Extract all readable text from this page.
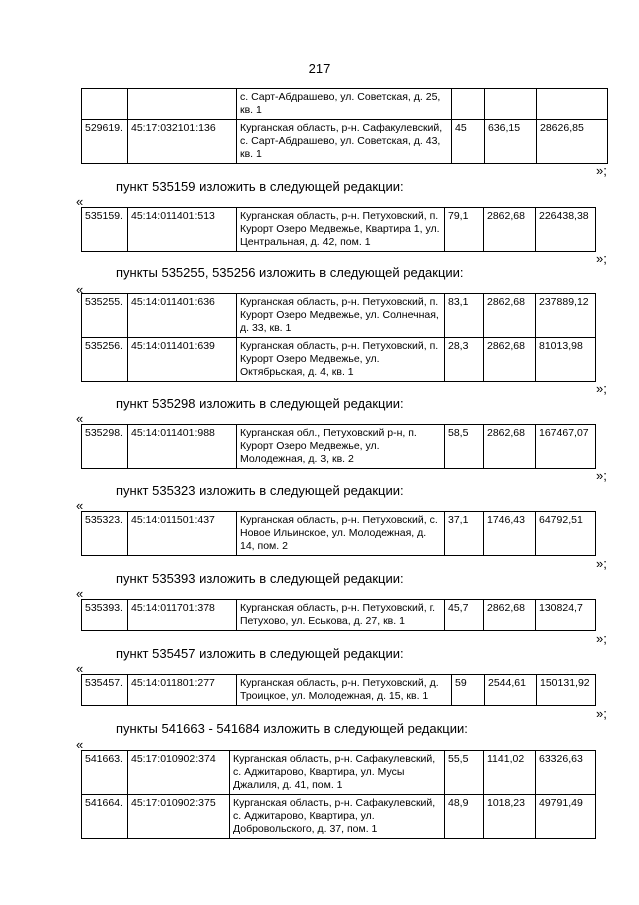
217
		с. Сарт-Абдрашево, ул. Советская, д. 25, кв. 1			
529619.	45:17:032101:136	Курганская область, р-н. Сафакулевский, с. Сарт-Абдрашево, ул. Советская, д. 43, кв. 1	45	636,15	28626,85
»;
пункт 535159 изложить в следующей редакции:
«
535159.	45:14:011401:513	Курганская область, р-н. Петуховский, п. Курорт Озеро Медвежье, Квартира 1, ул. Центральная, д. 42, пом. 1	79,1	2862,68	226438,38
»;
пункты 535255, 535256 изложить в следующей редакции:
«
535255.	45:14:011401:636	Курганская область, р-н. Петуховский, п. Курорт Озеро Медвежье, ул. Солнечная, д. 33, кв. 1	83,1	2862,68	237889,12
535256.	45:14:011401:639	Курганская область, р-н. Петуховский, п. Курорт Озеро Медвежье, ул. Октябрьская, д. 4, кв. 1	28,3	2862,68	81013,98
»;
пункт 535298 изложить в следующей редакции:
«
535298.	45:14:011401:988	Курганская обл., Петуховский р-н, п. Курорт Озеро Медвежье, ул. Молодежная, д. 3, кв. 2	58,5	2862,68	167467,07
»;
пункт 535323 изложить в следующей редакции:
«
535323.	45:14:011501:437	Курганская область, р-н. Петуховский, с. Новое Ильинское, ул. Молодежная, д. 14, пом. 2	37,1	1746,43	64792,51
»;
пункт 535393 изложить в следующей редакции:
«
535393.	45:14:011701:378	Курганская область, р-н. Петуховский, г. Петухово, ул. Еськова, д. 27, кв. 1	45,7	2862,68	130824,7
»;
пункт 535457 изложить в следующей редакции:
«
535457.	45:14:011801:277	Курганская область, р-н. Петуховский, д. Троицкое, ул. Молодежная, д. 15, кв. 1	59	2544,61	150131,92
»;
пункты 541663 - 541684 изложить в следующей редакции:
«
541663.	45:17:010902:374	Курганская область, р-н. Сафакулевский, с. Аджитарово, Квартира, ул. Мусы Джалиля, д. 41, пом. 1	55,5	1141,02	63326,63
541664.	45:17:010902:375	Курганская область, р-н. Сафакулевский, с. Аджитарово, Квартира, ул. Добровольского, д. 37, пом. 1	48,9	1018,23	49791,49
